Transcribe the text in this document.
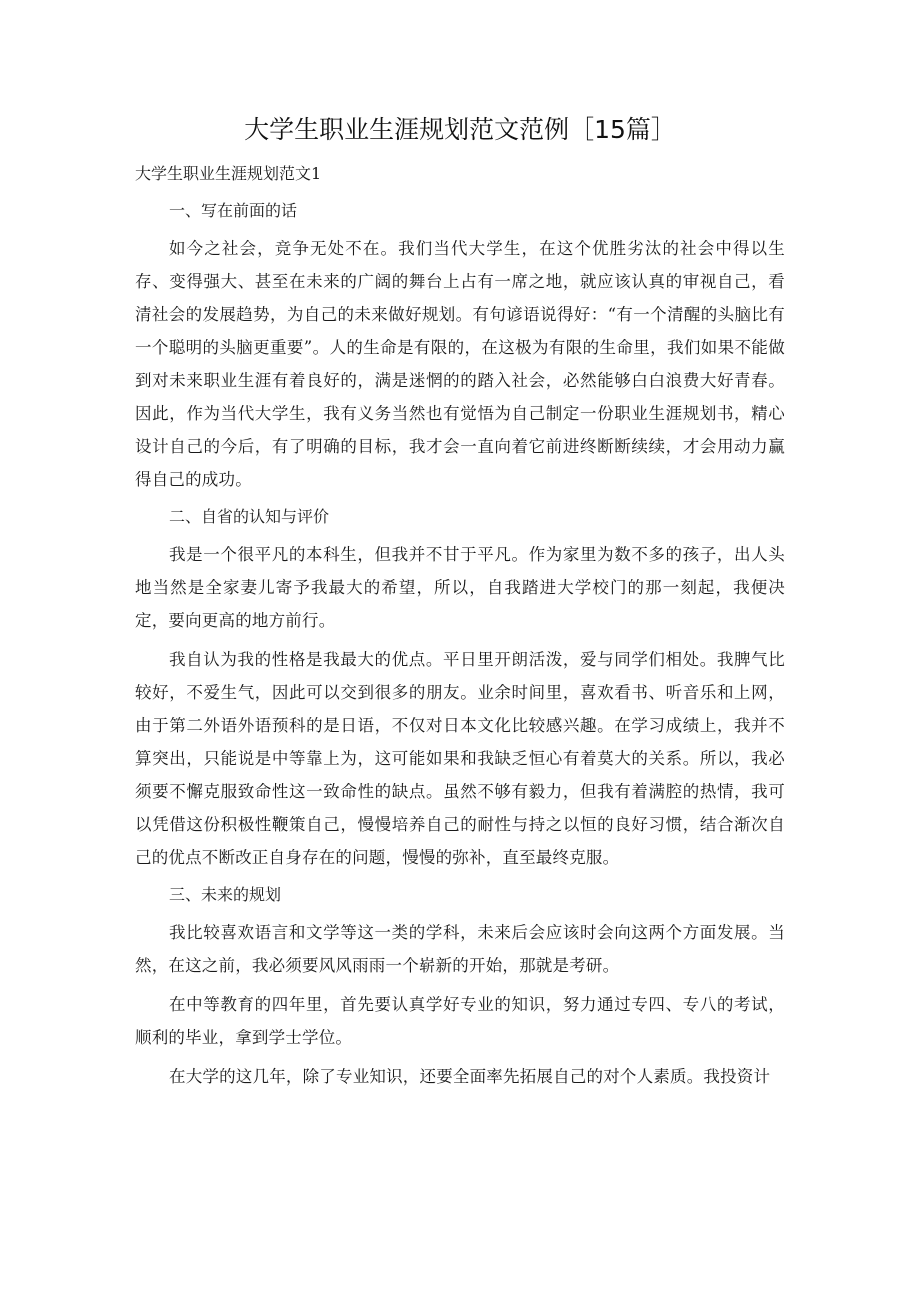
大学生职业生涯规划范文范例［15篇］

大学生职业生涯规划范文1

一、写在前面的话

如今之社会，竞争无处不在。我们当代大学生，在这个优胜劣汰的社会中得以生存、变得强大、甚至在未来的广阔的舞台上占有一席之地，就应该认真的审视自己，看清社会的发展趋势，为自己的未来做好规划。有句谚语说得好：“有一个清醒的头脑比有一个聪明的头脑更重要”。人的生命是有限的，在这极为有限的生命里，我们如果不能做到对未来职业生涯有着良好的，满是迷惘的的踏入社会，必然能够白白浪费大好青春。因此，作为当代大学生，我有义务当然也有觉悟为自己制定一份职业生涯规划书，精心设计自己的今后，有了明确的目标，我才会一直向着它前进终断断续续，才会用动力赢得自己的成功。

二、自省的认知与评价

我是一个很平凡的本科生，但我并不甘于平凡。作为家里为数不多的孩子，出人头地当然是全家妻儿寄予我最大的希望，所以，自我踏进大学校门的那一刻起，我便决定，要向更高的地方前行。

我自认为我的性格是我最大的优点。平日里开朗活泼，爱与同学们相处。我脾气比较好，不爱生气，因此可以交到很多的朋友。业余时间里，喜欢看书、听音乐和上网，由于第二外语外语预科的是日语，不仅对日本文化比较感兴趣。在学习成绩上，我并不算突出，只能说是中等靠上为，这可能如果和我缺乏恒心有着莫大的关系。所以，我必须要不懈克服致命性这一致命性的缺点。虽然不够有毅力，但我有着满腔的热情，我可以凭借这份积极性鞭策自己，慢慢培养自己的耐性与持之以恒的良好习惯，结合渐次自己的优点不断改正自身存在的问题，慢慢的弥补，直至最终克服。

三、未来的规划

我比较喜欢语言和文学等这一类的学科，未来后会应该时会向这两个方面发展。当然，在这之前，我必须要风风雨雨一个崭新的开始，那就是考研。

在中等教育的四年里，首先要认真学好专业的知识，努力通过专四、专八的考试，顺利的毕业，拿到学士学位。

在大学的这几年，除了专业知识，还要全面率先拓展自己的对个人素质。我投资计
